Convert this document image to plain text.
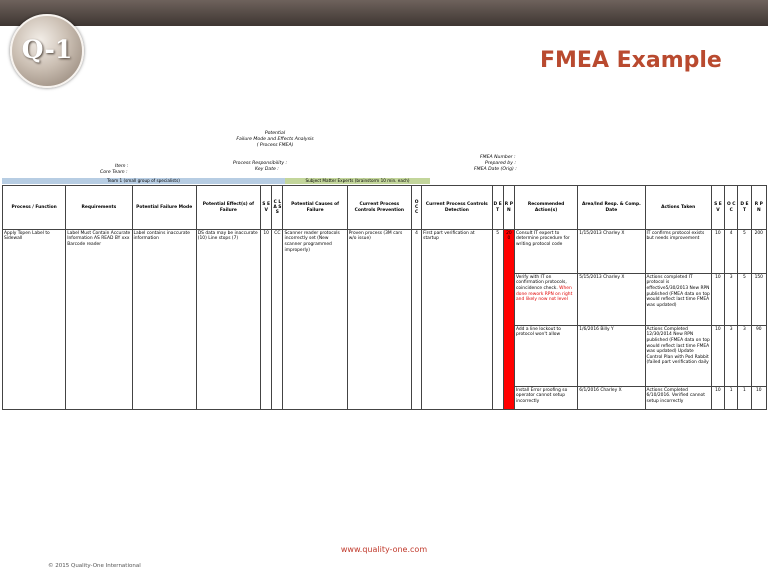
Q-1	FMEA Example
Potential
Failure Mode and Effects Analysis
( Process FMEA)
Item :
Core Team :
Process Responsibility :
Key Date :
FMEA Number :
Prepared by :
FMEA Date (Orig) :
Team 1 (small group of specialists)	Subject Matter Experts (brainstorm 10 min. each)
Process / Function	Requirements	Potential Failure Mode	Potential Effect(s) of Failure	S E V	C L A S S	Potential Causes of Failure	Current Process Controls Prevention	O C C	Current Process Controls Detection	D E T	R P N	Recommended Action(s)	Area/Ind Resp. & Comp. Date	Actions Taken	S E V	O C C	D E T	R P N
Apply Topen Label to Sidewall	Label Must Contain Accurate Information AS READ BY xxx Barcode reader	Label contains inaccurate information	DS data may be inaccurate (10) Line stops (7)	10	CC	Scanner reader protocols incorrectly set (New scanner programmed improperly)	Proven process (3M cars w/o issue)	4	First part verification at startup	5	200	Consult IT expert to determine procedure for writing protocol code	1/15/2013 Charley X	IT confirms protocol exists but needs improvement	10	4	5	200
												Verify with IT on confirmation protocols, coincidence check. When done rework RPN on right and likely now not level	5/15/2013 Charley X	Actions completed IT protocol is effective5/30/2013 New RPN published (FMEA data on top would reflect last time FMEA was updated)	10	3	5	150
												Add a line lockout to protocol won't allow	1/6/2016 Billy Y	Actions Completed 12/30/2014 New RPN published (FMEA data on top would reflect last time FMEA was updated) Update Control Plan with Pod Rabbit (failed part verification daily	10	3	3	90
												Install Error proofing so operator cannot setup incorrectly	6/1/2016 Charley X	Actions Completed 6/10/2016. Verified cannot setup incorrectly	10	1	1	10
www.quality-one.com
© 2015 Quality-One International
